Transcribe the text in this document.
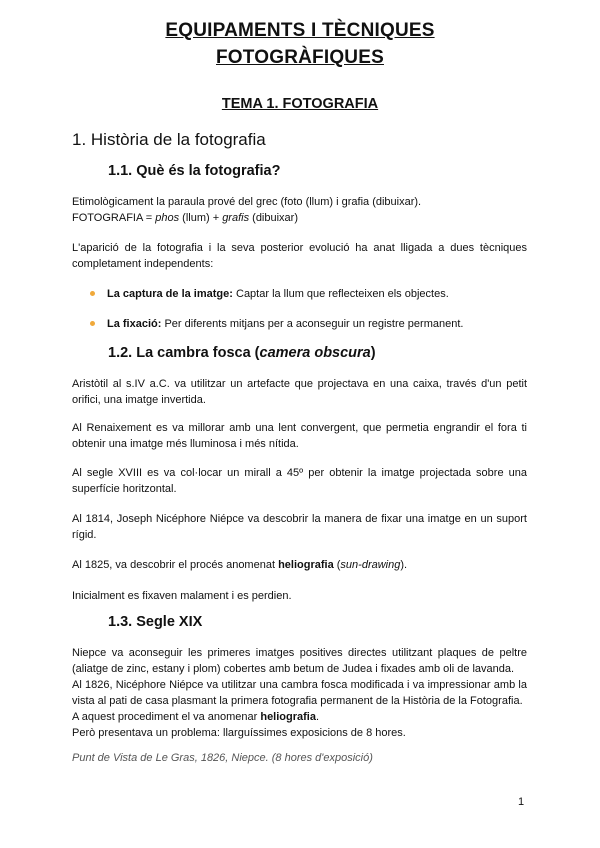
EQUIPAMENTS I TÈCNIQUES
FOTOGRÀFIQUES
TEMA 1. FOTOGRAFIA
1. Història de la fotografia
1.1. Què és la fotografia?

Etimològicament la paraula prové del grec (foto (llum) i grafia (dibuixar).

FOTOGRAFIA = phos (llum) + grafis (dibuixar)

L'aparició de la fotografia i la seva posterior evolució ha anat lligada a dues tècniques completament independents:
La captura de la imatge: Captar la llum que reflecteixen els objectes.
La fixació: Per diferents mitjans per a aconseguir un registre permanent.
1.2. La cambra fosca (camera obscura)
Aristòtil al s.IV a.C. va utilitzar un artefacte que projectava en una caixa, través d'un petit orifici, una imatge invertida.
Al Renaixement es va millorar amb una lent convergent, que permetia engrandir el fora ti obtenir una imatge més lluminosa i més nítida.
Al segle XVIII es va col·locar un mirall a 45º per obtenir la imatge projectada sobre una superfície horitzontal.
Al 1814, Joseph Nicéphore Niépce va descobrir la manera de fixar una imatge en un suport rígid.
Al 1825, va descobrir el procés anomenat heliografia (sun-drawing).
Inicialment es fixaven malament i es perdien.
1.3. Segle XIX

Niepce va aconseguir les primeres imatges positives directes utilitzant plaques de peltre (aliatge de zinc, estany i plom) cobertes amb betum de Judea i fixades amb oli de lavanda.

Al 1826, Nicéphore Niépce va utilitzar una cambra fosca modificada i va impressionar amb la vista al pati de casa plasmant la primera fotografia permanent de la Història de la Fotografia.

A aquest procediment el va anomenar heliografia.

Però presentava un problema: llarguíssimes exposicions de 8 hores.

Punt de Vista de Le Gras, 1826, Niepce. (8 hores d'exposició)
1
